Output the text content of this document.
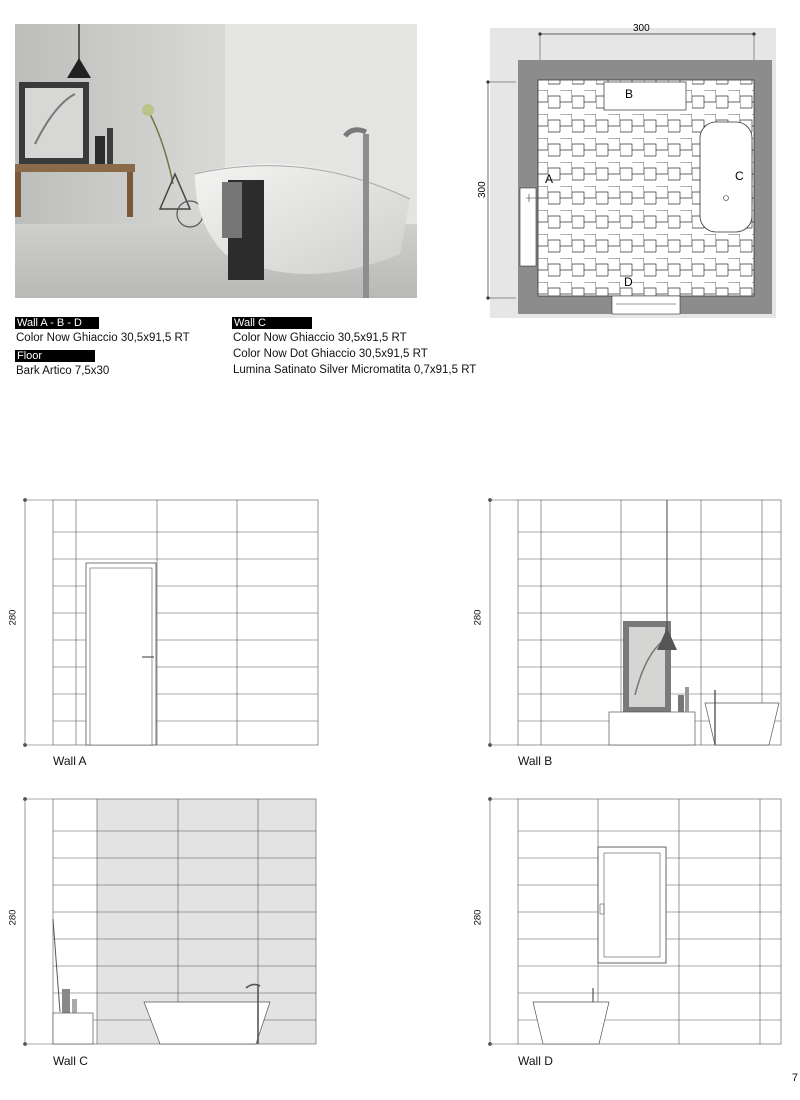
B
A	C
D
300
300
Wall A - B - D
Color Now Ghiaccio 30,5x91,5 RT
Floor
Bark Artico 7,5x30
Wall C
Color Now Ghiaccio 30,5x91,5 RT
Color Now Dot Ghiaccio 30,5x91,5 RT
Lumina Satinato Silver Micromatita 0,7x91,5 RT
280
Wall A
280
Wall B
280
Wall C
280
Wall D
7
